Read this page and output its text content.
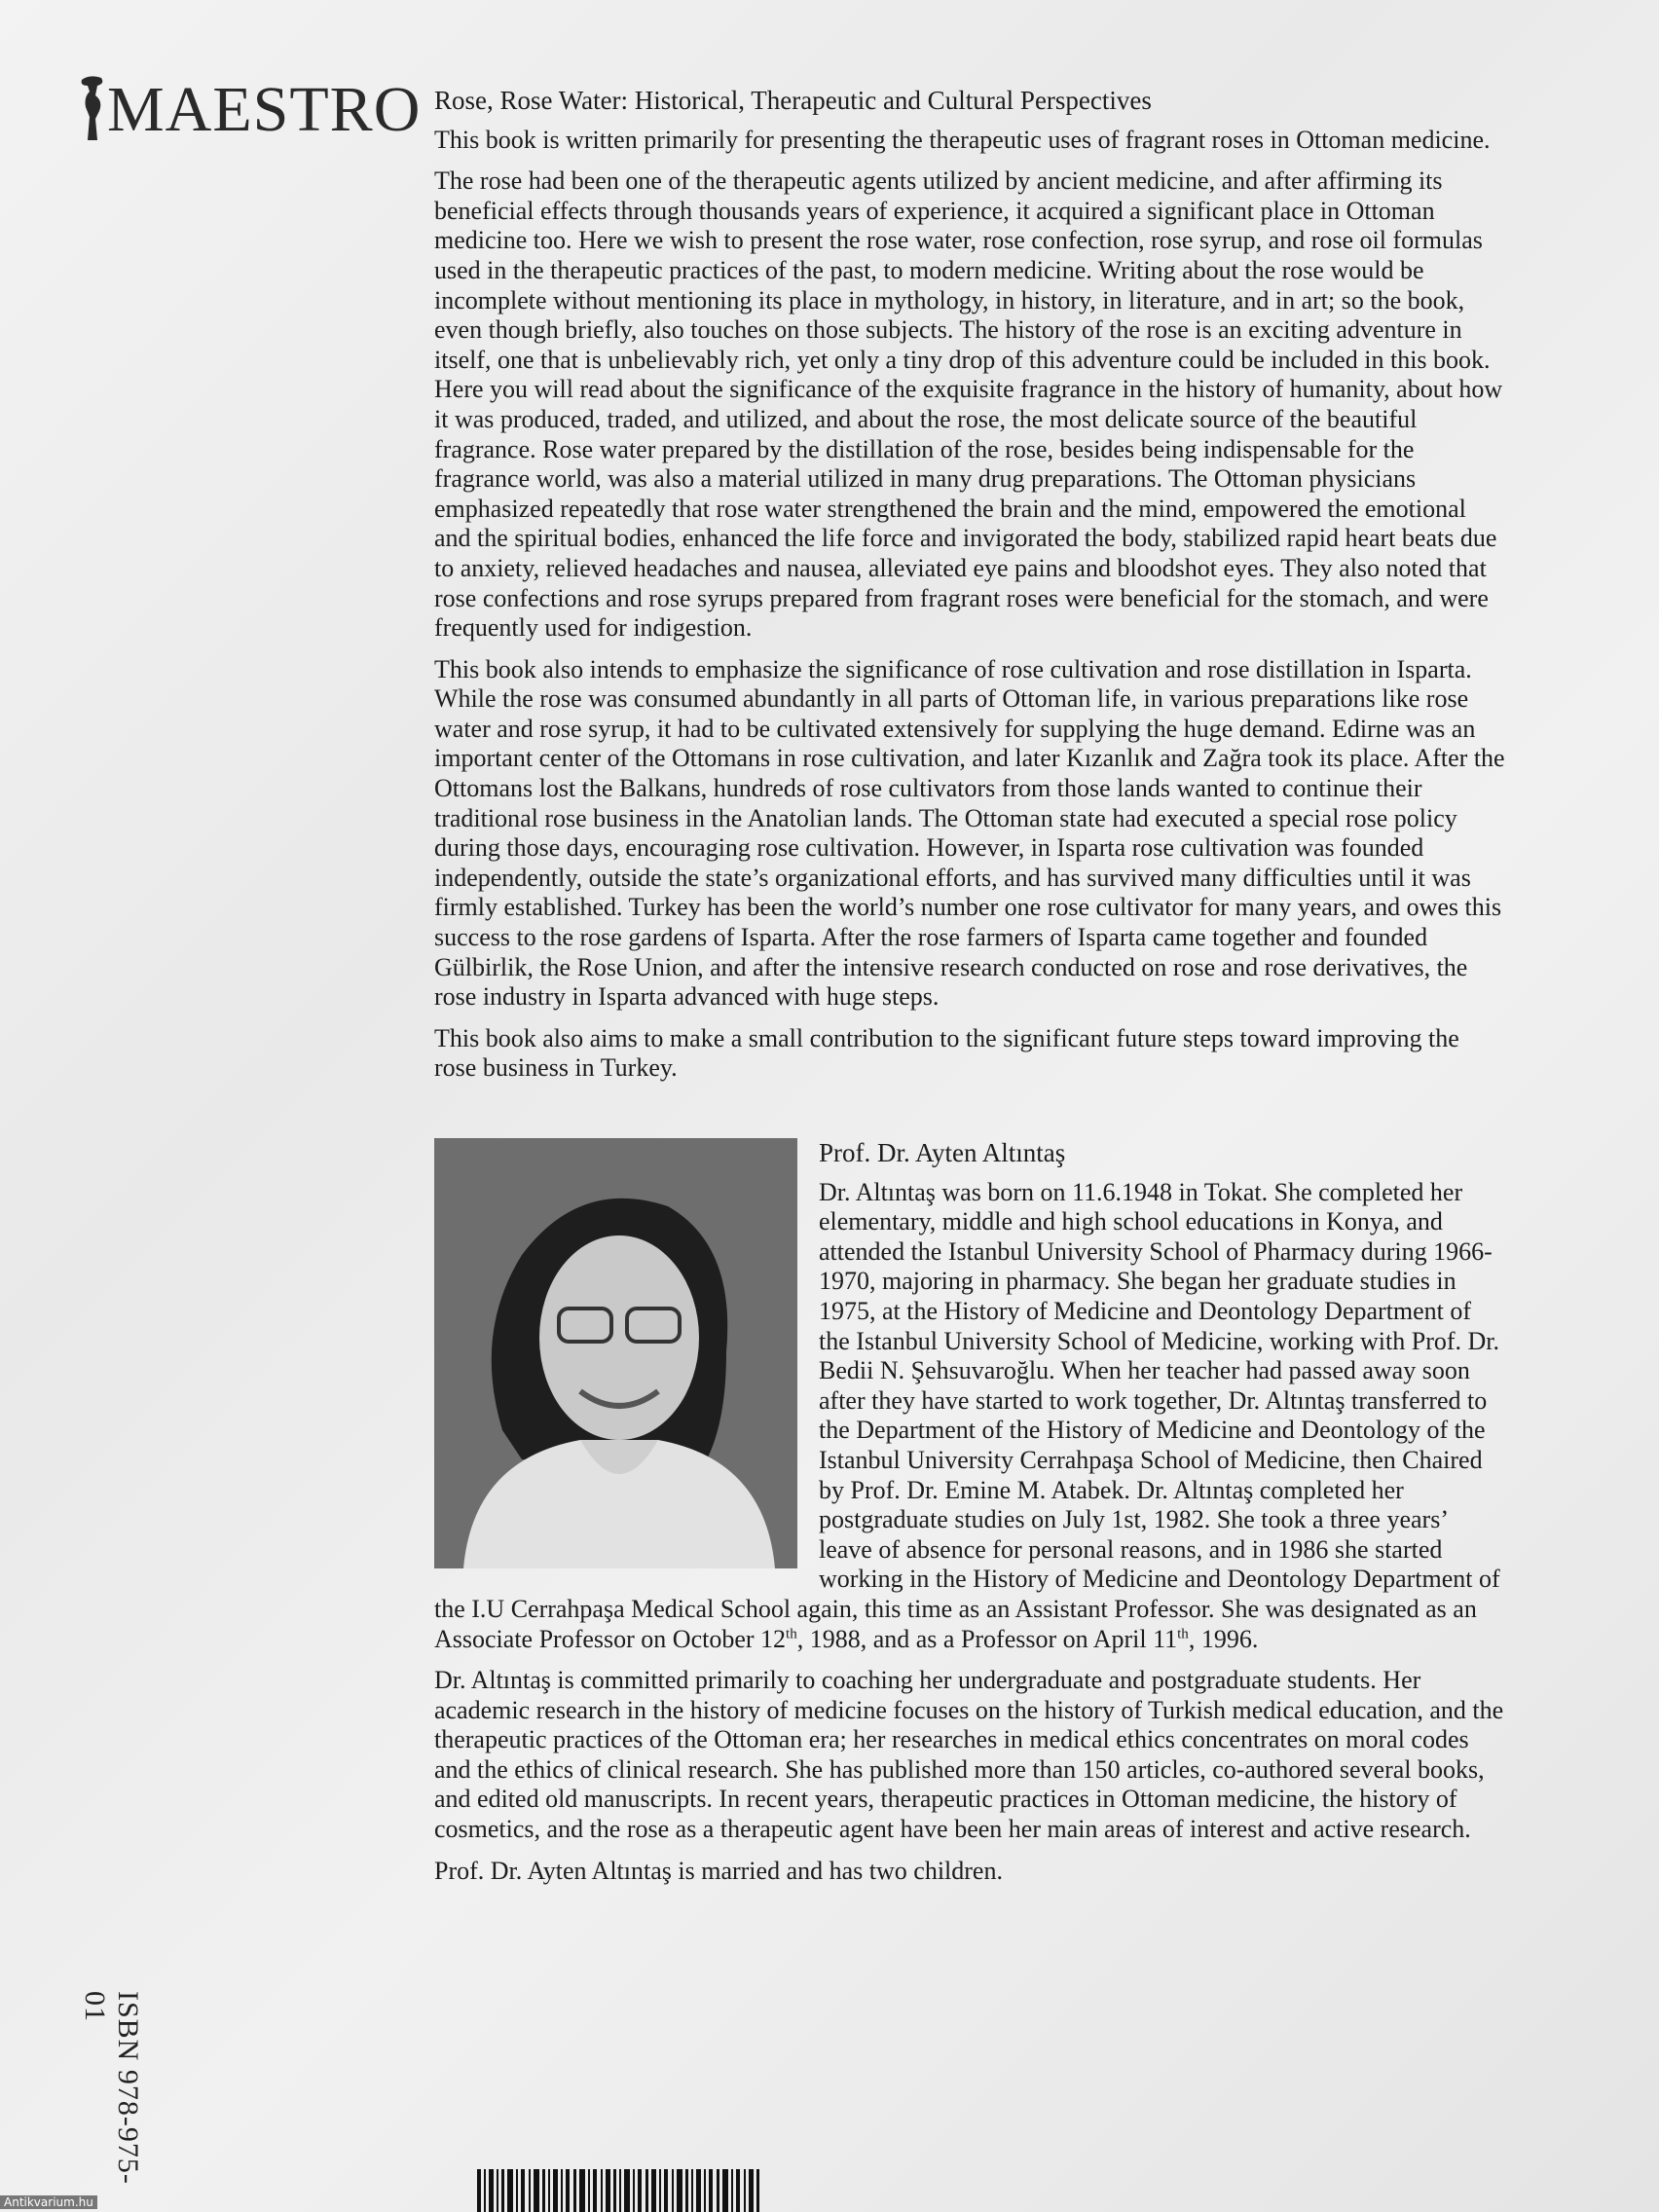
MAESTRO Rose, Rose Water: Historical, Therapeutic and Cultural Perspectives

This book is written primarily for presenting the therapeutic uses of fragrant roses in Ottoman medicine.

The rose had been one of the therapeutic agents utilized by ancient medicine, and after affirming its beneficial effects through thousands years of experience, it acquired a significant place in Ottoman medicine too. Here we wish to present the rose water, rose confection, rose syrup, and rose oil formulas used in the therapeutic practices of the past, to modern medicine. Writing about the rose would be incomplete without mentioning its place in mythology, in history, in literature, and in art; so the book, even though briefly, also touches on those subjects. The history of the rose is an exciting adventure in itself, one that is unbelievably rich, yet only a tiny drop of this adventure could be included in this book. Here you will read about the significance of the exquisite fragrance in the history of humanity, about how it was produced, traded, and utilized, and about the rose, the most delicate source of the beautiful fragrance. Rose water prepared by the distillation of the rose, besides being indispensable for the fragrance world, was also a material utilized in many drug preparations. The Ottoman physicians emphasized repeatedly that rose water strengthened the brain and the mind, empowered the emotional and the spiritual bodies, enhanced the life force and invigorated the body, stabilized rapid heart beats due to anxiety, relieved headaches and nausea, alleviated eye pains and bloodshot eyes. They also noted that rose confections and rose syrups prepared from fragrant roses were beneficial for the stomach, and were frequently used for indigestion.

This book also intends to emphasize the significance of rose cultivation and rose distillation in Isparta. While the rose was consumed abundantly in all parts of Ottoman life, in various preparations like rose water and rose syrup, it had to be cultivated extensively for supplying the huge demand. Edirne was an important center of the Ottomans in rose cultivation, and later Kızanlık and Zağra took its place. After the Ottomans lost the Balkans, hundreds of rose cultivators from those lands wanted to continue their traditional rose business in the Anatolian lands. The Ottoman state had executed a special rose policy during those days, encouraging rose cultivation. However, in Isparta rose cultivation was founded independently, outside the state’s organizational efforts, and has survived many difficulties until it was firmly established. Turkey has been the world’s number one rose cultivator for many years, and owes this success to the rose gardens of Isparta. After the rose farmers of Isparta came together and founded Gülbirlik, the Rose Union, and after the intensive research conducted on rose and rose derivatives, the rose industry in Isparta advanced with huge steps.

This book also aims to make a small contribution to the significant future steps toward improving the rose business in Turkey.

Prof. Dr. Ayten Altıntaş

Dr. Altıntaş was born on 11.6.1948 in Tokat. She completed her elementary, middle and high school educations in Konya, and attended the Istanbul University School of Pharmacy during 1966-1970, majoring in pharmacy. She began her graduate studies in 1975, at the History of Medicine and Deontology Department of the Istanbul University School of Medicine, working with Prof. Dr. Bedii N. Şehsuvaroğlu. When her teacher had passed away soon after they have started to work together, Dr. Altıntaş transferred to the Department of the History of Medicine and Deontology of the Istanbul University Cerrahpaşa School of Medicine, then Chaired by Prof. Dr. Emine M. Atabek. Dr. Altıntaş completed her postgraduate studies on July 1st, 1982. She took a three years’ leave of absence for personal reasons, and in 1986 she started working in the History of Medicine and Deontology Department of the I.U Cerrahpaşa Medical School again, this time as an Assistant Professor. She was designated as an Associate Professor on October 12th, 1988, and as a Professor on April 11th, 1996.

Dr. Altıntaş is committed primarily to coaching her undergraduate and postgraduate students. Her academic research in the history of medicine focuses on the history of Turkish medical education, and the therapeutic practices of the Ottoman era; her researches in medical ethics concentrates on moral codes and the ethics of clinical research. She has published more than 150 articles, co-authored several books, and edited old manuscripts. In recent years, therapeutic practices in Ottoman medicine, the history of cosmetics, and the rose as a therapeutic agent have been her main areas of interest and active research.

Prof. Dr. Ayten Altıntaş is married and has two children.

ISBN 978-975-01
Antikvarium.hu
